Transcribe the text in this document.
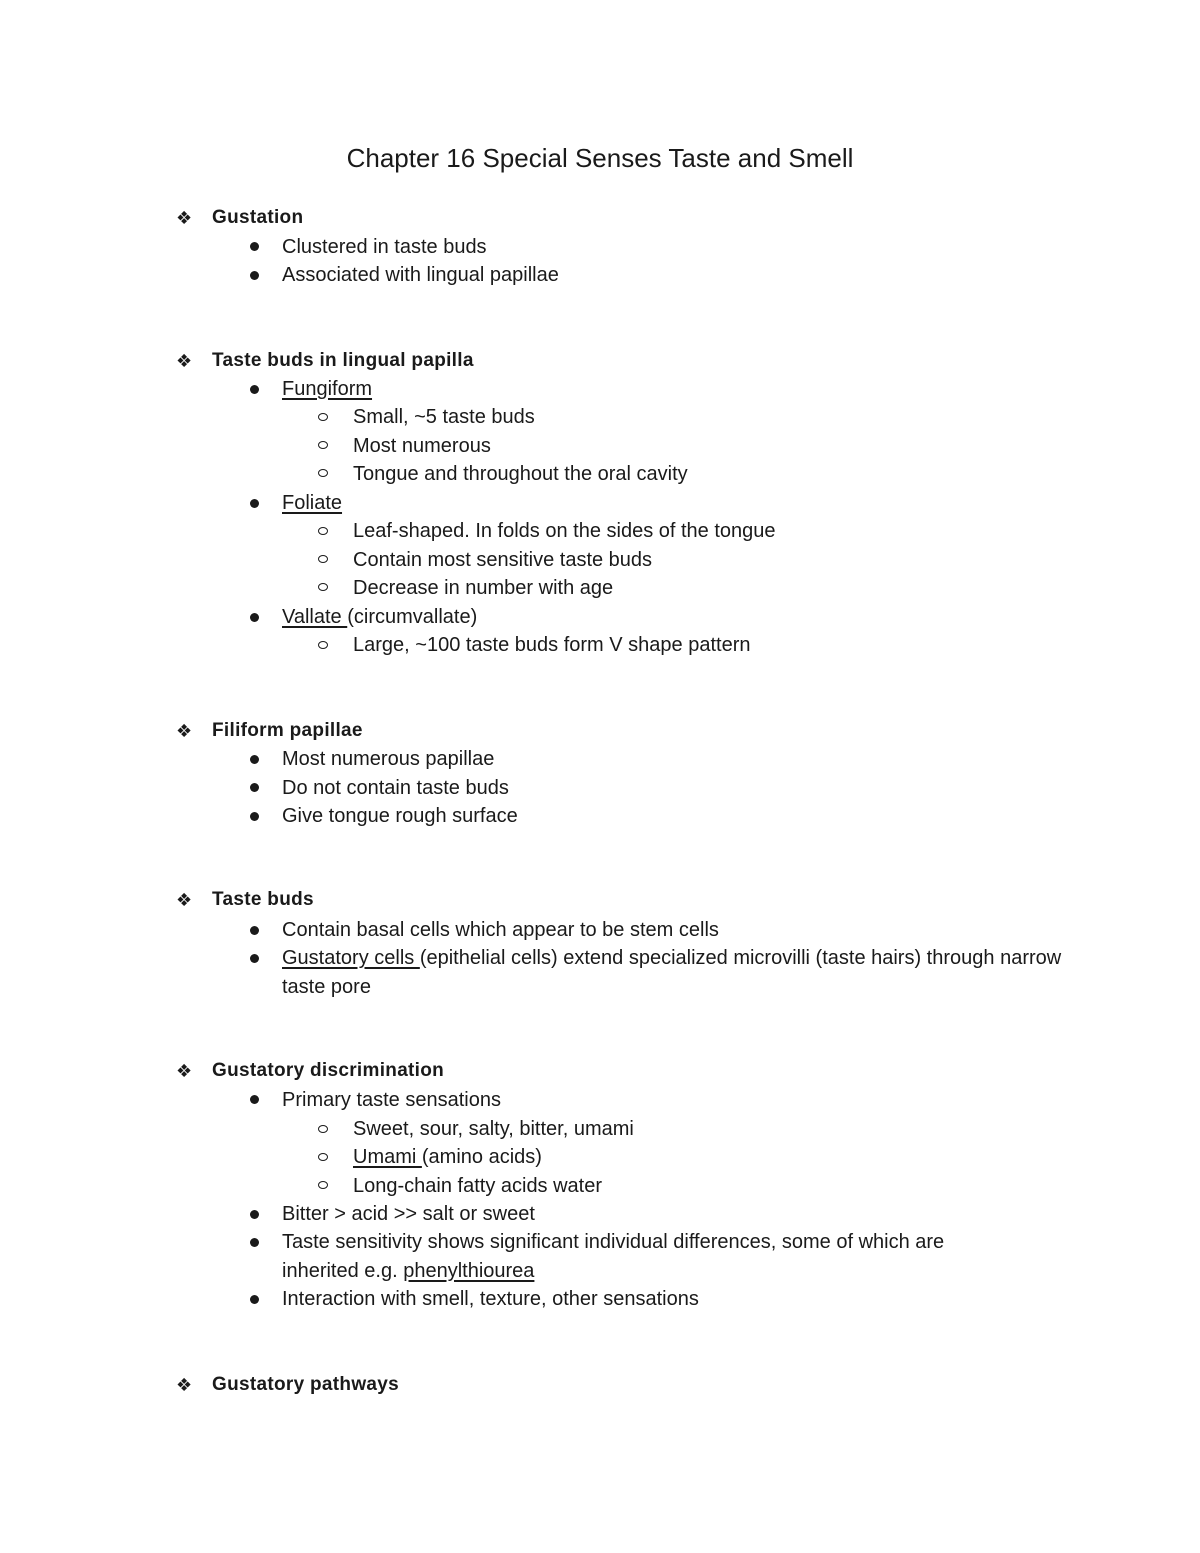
Chapter 16 Special Senses Taste and Smell
❖ Gustation
Clustered in taste buds
Associated with lingual papillae
❖ Taste buds in lingual papilla
Fungiform
Small, ~5 taste buds
Most numerous
Tongue and throughout the oral cavity
Foliate
Leaf-shaped. In folds on the sides of the tongue
Contain most sensitive taste buds
Decrease in number with age
Vallate (circumvallate)
Large, ~100 taste buds form V shape pattern
❖ Filiform papillae
Most numerous papillae
Do not contain taste buds
Give tongue rough surface
❖ Taste buds
Contain basal cells which appear to be stem cells
Gustatory cells (epithelial cells) extend specialized microvilli (taste hairs) through narrow taste pore
❖ Gustatory discrimination
Primary taste sensations
Sweet, sour, salty, bitter, umami
Umami (amino acids)
Long-chain fatty acids water
Bitter > acid >> salt or sweet
Taste sensitivity shows significant individual differences, some of which are inherited e.g. phenylthiourea
Interaction with smell, texture, other sensations
❖ Gustatory pathways
